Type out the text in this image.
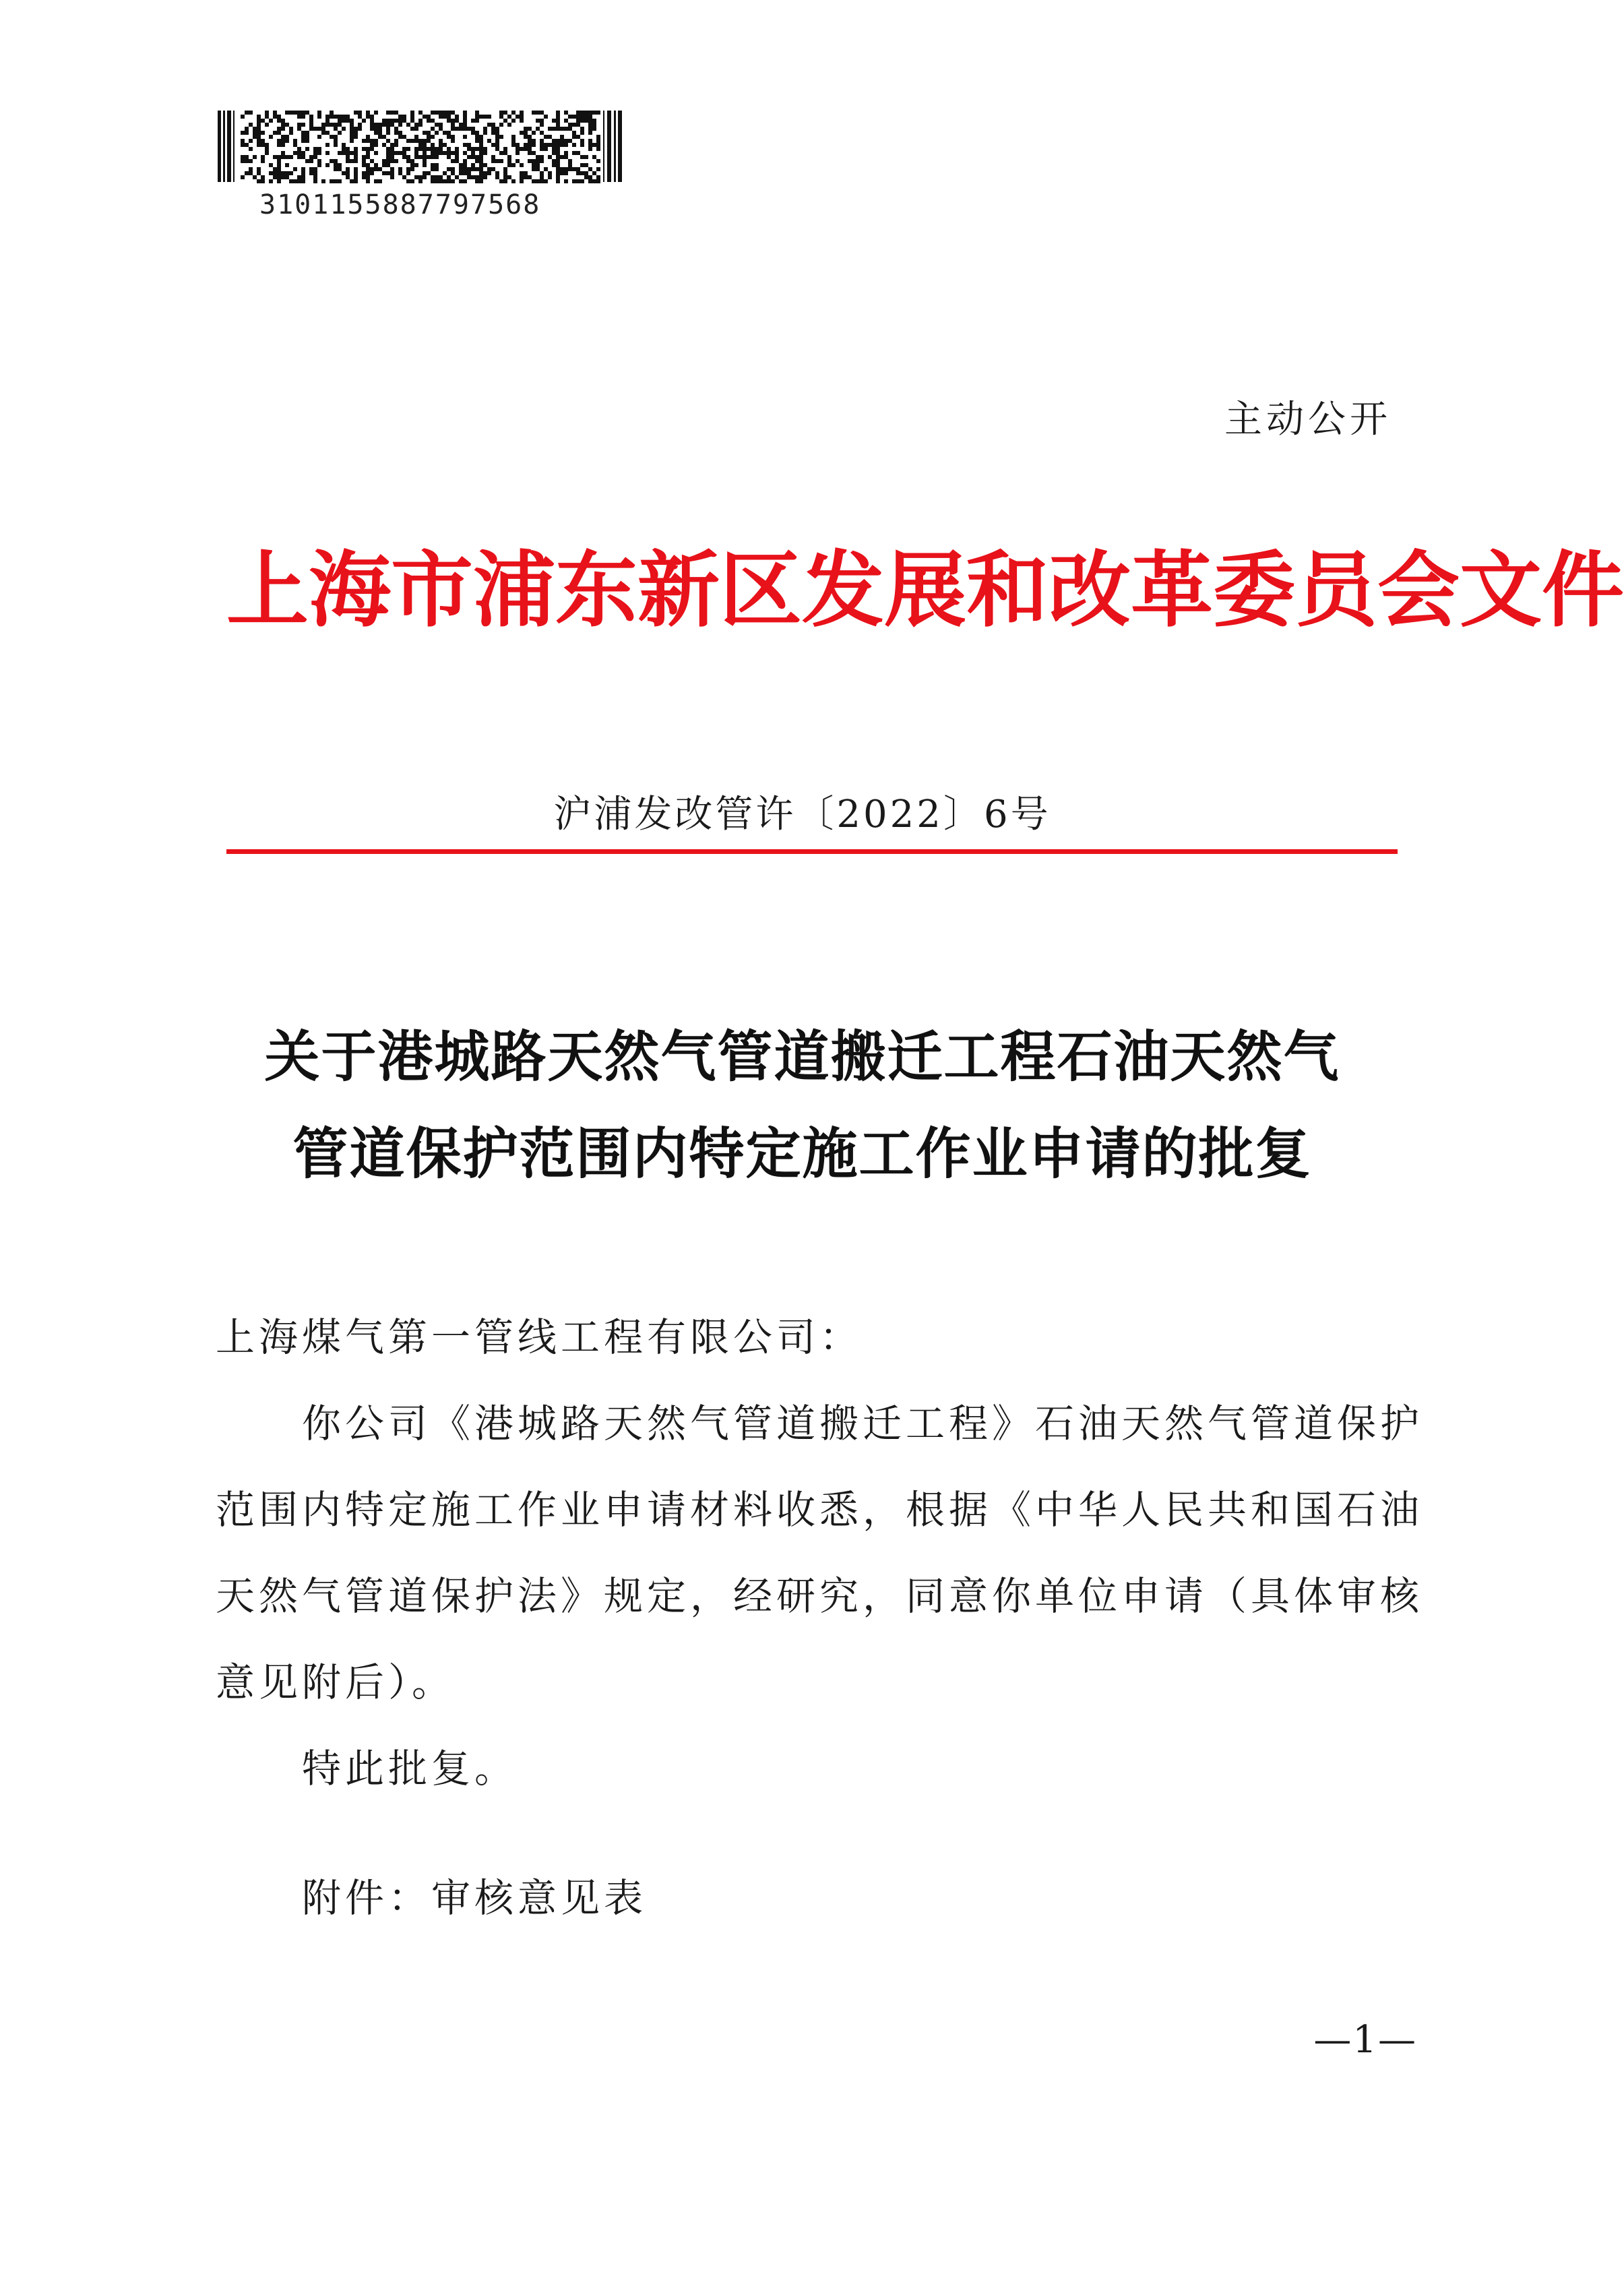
3101155887797568
主动公开
上 海 市 浦 东 新 区 发 展 和 改 革 委 员 会 文 件
沪浦发改管许〔2022〕6号
关于港城路天然气管道搬迁工程石油天然气
管道保护范围内特定施工作业申请的批复
上海煤气第一管线工程有限公司：
你公司《港城路天然气管道搬迁工程》石油天然气管道保护
范围内特定施工作业申请材料收悉，根据《中华人民共和国石油
天然气管道保护法》规定，经研究，同意你单位申请（具体审核
意见附后）。
特此批复。
附件：审核意见表
—1—
